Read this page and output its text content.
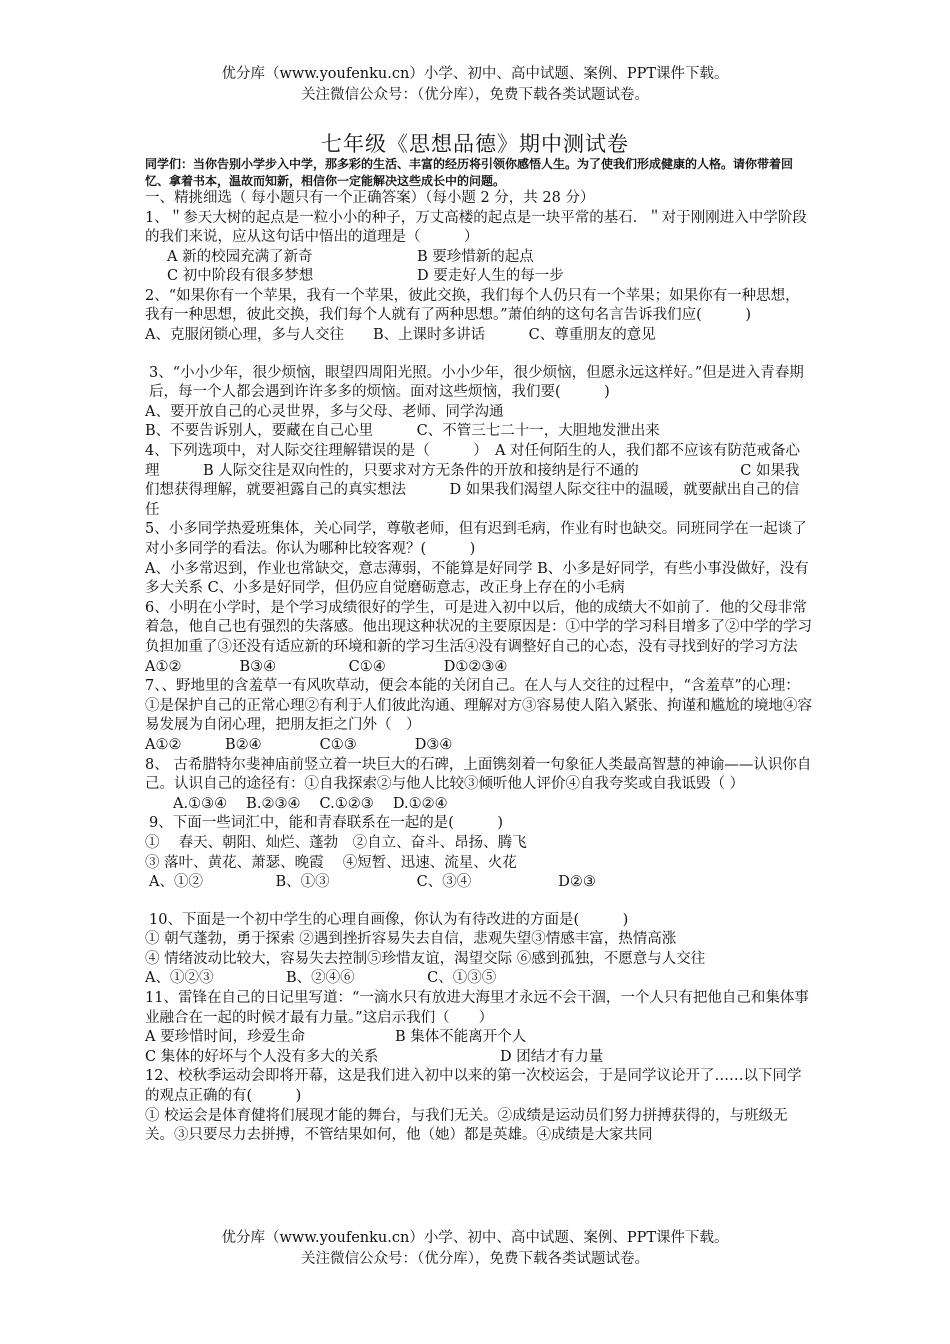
优分库（www.youfenku.cn）小学、初中、高中试题、案例、PPT课件下载。
关注微信公众号：（优分库），免费下载各类试题试卷。
七年级《思想品德》期中测试卷
同学们：当你告别小学步入中学，那多彩的生活、丰富的经历将引领你感悟人生。为了使我们形成健康的人格。请你带着回忆、拿着书本，温故而知新，相信你一定能解决这些成长中的问题。
一、精挑细选（ 每小题只有一个正确答案）（每小题 2 分，共 28 分）

1、＂参天大树的起点是一粒小小的种子，万丈高楼的起点是一块平常的基石．＂对于刚刚进入中学阶段的我们来说，应从这句话中悟出的道理是（　　　）

A 新的校园充满了新奇	B 要珍惜新的起点

C 初中阶段有很多梦想	D 要走好人生的每一步

2、“如果你有一个苹果，我有一个苹果，彼此交换，我们每个人仍只有一个苹果；如果你有一种思想，我有一种思想，彼此交换，我们每个人就有了两种思想。”萧伯纳的这句名言告诉我们应(　　　)

A、克服闭锁心理，多与人交往　　B、上课时多讲话　　　C、尊重朋友的意见

3、“小小少年，很少烦恼，眼望四周阳光照。小小少年，很少烦恼，但愿永远这样好。”但是进入青春期后，每一个人都会遇到许许多多的烦恼。面对这些烦恼，我们要(　　　)

A、要开放自己的心灵世界，多与父母、老师、同学沟通

B、不要告诉别人，要藏在自己心里　　　C、不管三七二十一，大胆地发泄出来

4、下列选项中，对人际交往理解错误的是（　　　）　A 对任何陌生的人，我们都不应该有防范戒备心理　　　B 人际交往是双向性的，只要求对方无条件的开放和接纳是行不通的　　　　　　　C 如果我们想获得理解，就要袒露自己的真实想法　　　D 如果我们渴望人际交往中的温暖，就要献出自己的信任

5、小多同学热爱班集体，关心同学，尊敬老师，但有迟到毛病，作业有时也缺交。同班同学在一起谈了对小多同学的看法。你认为哪种比较客观？(　　　)

A、小多常迟到，作业也常缺交，意志薄弱，不能算是好同学 B、小多是好同学，有些小事没做好，没有多大关系 C、小多是好同学，但仍应自觉磨砺意志，改正身上存在的小毛病

6、小明在小学时，是个学习成绩很好的学生，可是进入初中以后，他的成绩大不如前了．他的父母非常着急，他自己也有强烈的失落感。他出现这种状况的主要原因是：①中学的学习科目增多了②中学的学习负担加重了③还没有适应新的环境和新的学习生活④没有调整好自己的心态，没有寻找到好的学习方法

A①②　　　　B③④　　　　　C①④　　　　D①②③④

7、、野地里的含羞草一有风吹草动，便会本能的关闭自己。在人与人交往的过程中，“含羞草”的心理：①是保护自己的正常心理②有利于人们彼此沟通、理解对方③容易使人陷入紧张、拘谨和尴尬的境地④容易发展为自闭心理，把朋友拒之门外（　）

A①②　　　B②④　　　　C①③　　　　D③④

8、 古希腊特尔斐神庙前竖立着一块巨大的石碑，上面镌刻着一句象征人类最高智慧的神谕——认识你自己。认识自己的途径有：①自我探索②与他人比较③倾听他人评价④自我夸奖或自我诋毁（ ）

A.①③④　 B.②③④　 C.①②③　 D.①②④

9、下面一些词汇中，能和青春联系在一起的是(　　　)

①　 春天、朝阳、灿烂、蓬勃　②自立、奋斗、昂扬、腾飞

③ 落叶、黄花、萧瑟、晚霞　 ④短暂、迅速、流星、火花

A、①②　　　　　B、①③　　　　　　C、③④　　　　　　D②③

10、下面是一个初中学生的心理自画像，你认为有待改进的方面是(　　　)

① 朝气蓬勃，勇于探索 ②遇到挫折容易失去自信，悲观失望③情感丰富，热情高涨

④ 情绪波动比较大，容易失去控制⑤珍惜友谊，渴望交际 ⑥感到孤独，不愿意与人交往

A、①②③　　　　　B、②④⑥　　　　　C、①③⑤

11、雷锋在自己的日记里写道：“一滴水只有放进大海里才永远不会干涸，一个人只有把他自己和集体事业融合在一起的时候才最有力量。”这启示我们（　　）

A 要珍惜时间，珍爱生命	B 集体不能离开个人

C 集体的好坏与个人没有多大的关系	D 团结才有力量

12、校秋季运动会即将开幕，这是我们进入初中以来的第一次校运会，于是同学议论开了……以下同学的观点正确的有(　　　)

① 校运会是体育健将们展现才能的舞台，与我们无关。②成绩是运动员们努力拼搏获得的，与班级无关。③只要尽力去拼搏，不管结果如何，他（她）都是英雄。④成绩是大家共同

优分库（www.youfenku.cn）小学、初中、高中试题、案例、PPT课件下载。
关注微信公众号：（优分库），免费下载各类试题试卷。
